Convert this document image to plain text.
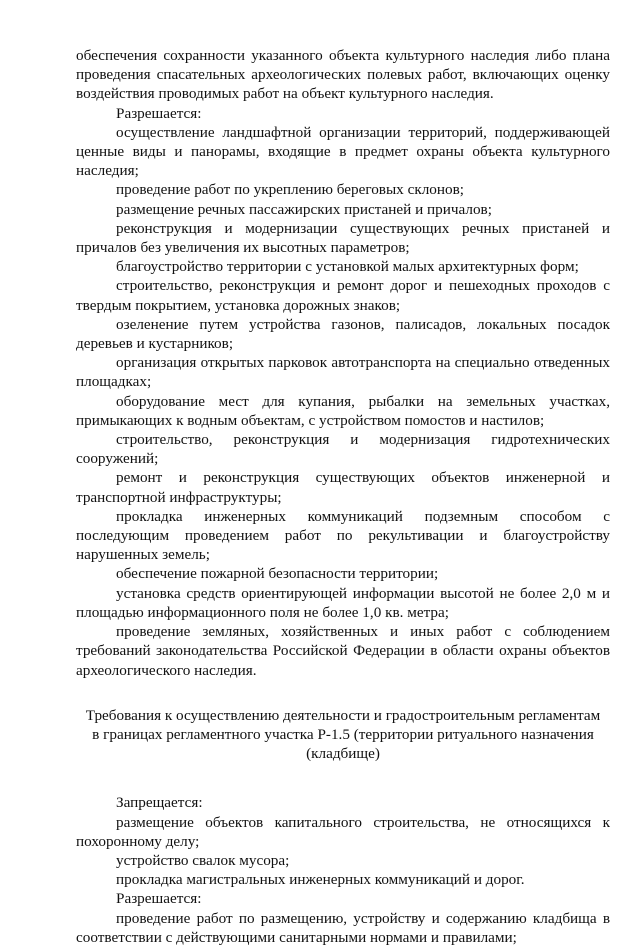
обеспечения сохранности указанного объекта культурного наследия либо плана проведения спасательных археологических полевых работ, включающих оценку воздействия проводимых работ на объект культурного наследия.

Разрешается:

осуществление ландшафтной организации территорий, поддерживающей ценные виды и панорамы, входящие в предмет охраны объекта культурного наследия;

проведение работ по укреплению береговых склонов;

размещение речных пассажирских пристаней и причалов;

реконструкция и модернизации существующих речных пристаней и причалов без увеличения их высотных параметров;

благоустройство территории с установкой малых архитектурных форм;

строительство, реконструкция и ремонт дорог и пешеходных проходов с твердым покрытием, установка дорожных знаков;

озеленение путем устройства газонов, палисадов, локальных посадок деревьев и кустарников;

организация открытых парковок автотранспорта на специально отведенных площадках;

оборудование мест для купания, рыбалки на земельных участках, примыкающих к водным объектам, с устройством помостов и настилов;

строительство, реконструкция и модернизация гидротехнических сооружений;

ремонт и реконструкция существующих объектов инженерной и транспортной инфраструктуры;

прокладка инженерных коммуникаций подземным способом с последующим проведением работ по рекультивации и благоустройству нарушенных земель;

обеспечение пожарной безопасности территории;

установка средств ориентирующей информации высотой не более 2,0 м и площадью информационного поля не более 1,0 кв. метра;

проведение земляных, хозяйственных и иных работ с соблюдением требований законодательства Российской Федерации в области охраны объектов археологического наследия.

Требования к осуществлению деятельности и градостроительным регламентам
в границах регламентного участка Р-1.5 (территории ритуального назначения
(кладбище)

Запрещается:

размещение объектов капитального строительства, не относящихся к похоронному делу;

устройство свалок мусора;

прокладка магистральных инженерных коммуникаций и дорог.

Разрешается:

проведение работ по размещению, устройству и содержанию кладбища в соответствии с действующими санитарными нормами и правилами;
